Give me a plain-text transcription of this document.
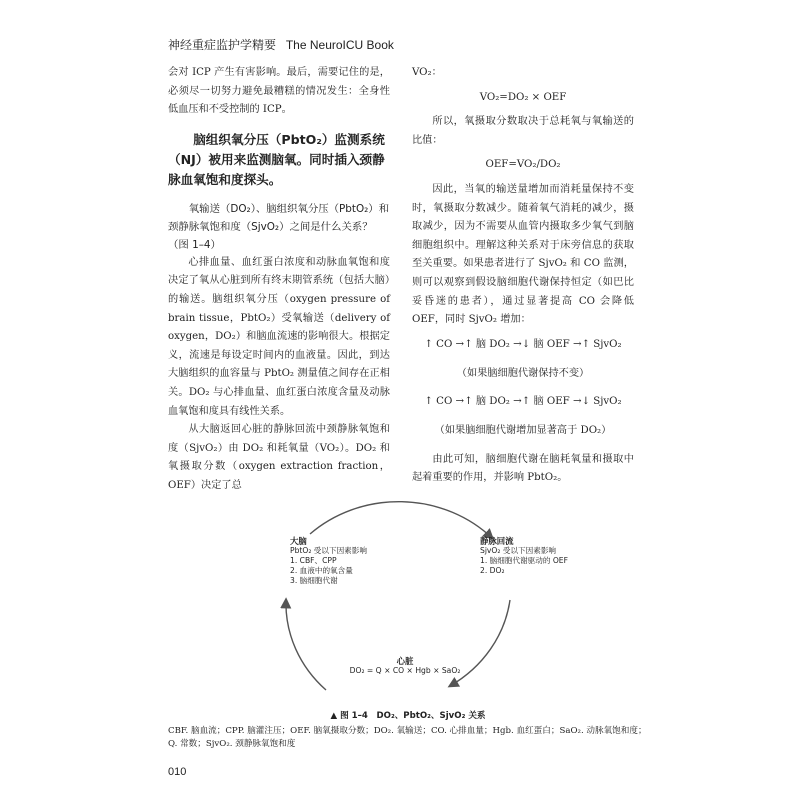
神经重症监护学精要 The NeuroICU Book

会对 ICP 产生有害影响。最后，需要记住的是，必须尽一切努力避免最糟糕的情况发生：全身性低血压和不受控制的 ICP。

脑组织氧分压（PbtO₂）监测系统（NJ）被用来监测脑氧。同时插入颈静脉血氧饱和度探头。

氧输送（DO₂）、脑组织氧分压（PbtO₂）和颈静脉氧饱和度（SjvO₂）之间是什么关系？（图 1–4）

心排血量、血红蛋白浓度和动脉血氧饱和度决定了氧从心脏到所有终末期管系统（包括大脑）的输送。脑组织氧分压（oxygen pressure of brain tissue，PbtO₂）受氧输送（delivery of oxygen，DO₂）和脑血流速的影响很大。根据定义，流速是每设定时间内的血液量。因此，到达大脑组织的血容量与 PbtO₂ 测量值之间存在正相关。DO₂ 与心排血量、血红蛋白浓度含量及动脉血氧饱和度具有线性关系。

从大脑返回心脏的静脉回流中颈静脉氧饱和度（SjvO₂）由 DO₂ 和耗氧量（VO₂）。DO₂ 和氧摄取分数（oxygen extraction fraction，OEF）决定了总

VO₂：

VO₂=DO₂ × OEF

所以，氧摄取分数取决于总耗氧与氧输送的比值：

OEF=VO₂/DO₂

因此，当氧的输送量增加而消耗量保持不变时，氧摄取分数减少。随着氧气消耗的减少，摄取减少，因为不需要从血管内摄取多少氧气到脑细胞组织中。理解这种关系对于床旁信息的获取至关重要。如果患者进行了 SjvO₂ 和 CO 监测，则可以观察到假设脑细胞代谢保持恒定（如巴比妥昏迷的患者），通过显著提高 CO 会降低 OEF，同时 SjvO₂ 增加：

↑ CO →↑ 脑 DO₂ →↓ 脑 OEF →↑ SjvO₂

（如果脑细胞代谢保持不变）

↑ CO →↑ 脑 DO₂ →↑ 脑 OEF →↓ SjvO₂

（如果脑细胞代谢增加显著高于 DO₂）

由此可知，脑细胞代谢在脑耗氧量和摄取中起着重要的作用，并影响 PbtO₂。

大脑
PbtO₂ 受以下因素影响
1. CBF、CPP
2. 血液中的氧含量
3. 脑细胞代谢
静脉回流
SjvO₂ 受以下因素影响
1. 脑细胞代谢驱动的 OEF
2. DO₂
心脏
DO₂ = Q × CO × Hgb × SaO₂
▲ 图 1–4　DO₂、PbtO₂、SjvO₂ 关系
CBF. 脑血流；CPP. 脑灌注压；OEF. 脑氧摄取分数；DO₂. 氧输送；CO. 心排血量；Hgb. 血红蛋白；SaO₂. 动脉氧饱和度；Q. 常数；SjvO₂. 颈静脉氧饱和度
010
